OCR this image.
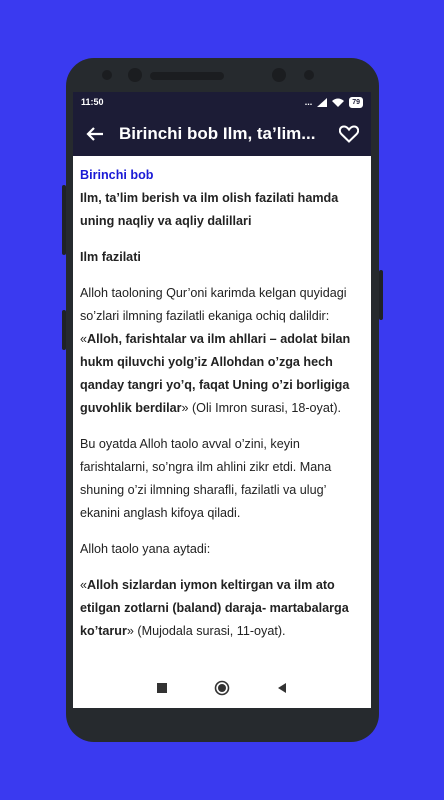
11:50	...	79
Birinchi bob Ilm, ta’lim...
Birinchi bob

Ilm, ta’lim berish va ilm olish fazilati hamda uning naqliy va aqliy dalillari

Ilm fazilati

Alloh taoloning Qur’oni karimda kelgan quyidagi so’zlari ilmning fazilatli ekaniga ochiq dalildir: «Alloh, farishtalar va ilm ahllari – adolat bilan hukm qiluvchi yolg’iz Allohdan o’zga hech qanday tangri yo’q, faqat Uning o’zi borligiga guvohlik berdilar» (Oli Imron surasi, 18-oyat).

Bu oyatda Alloh taolo avval o’zini, keyin farishtalarni, so’ngra ilm ahlini zikr etdi. Mana shuning o’zi ilmning sharafli, fazilatli va ulug’ ekanini anglash kifoya qiladi.

Alloh taolo yana aytadi:

«Alloh sizlardan iymon keltirgan va ilm ato etilgan zotlarni (baland) daraja- martabalarga ko’tarur» (Mujodala surasi, 11-oyat).
